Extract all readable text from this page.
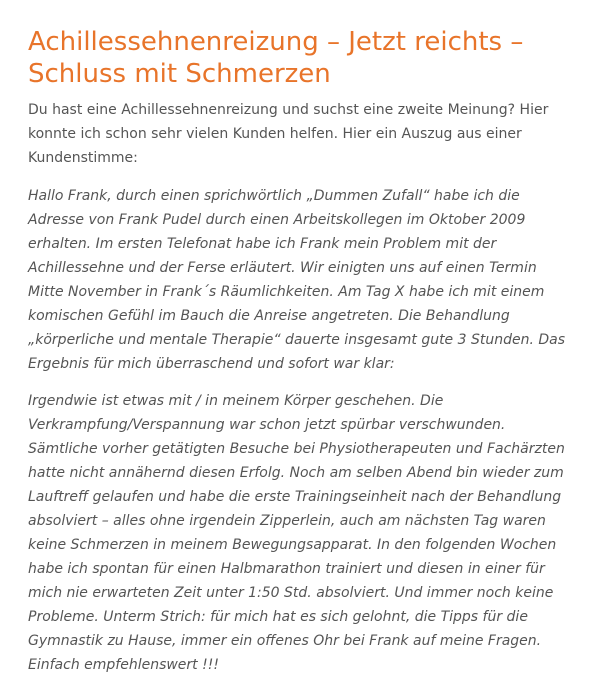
Achillessehnenreizung – Jetzt reichts – Schluss mit Schmerzen

Du hast eine Achillessehnenreizung und suchst eine zweite Meinung? Hier konnte ich schon sehr vielen Kunden helfen. Hier ein Auszug aus einer Kundenstimme:

Hallo Frank, durch einen sprichwörtlich „Dummen Zufall“ habe ich die Adresse von Frank Pudel durch einen Arbeitskollegen im Oktober 2009 erhalten. Im ersten Telefonat habe ich Frank mein Problem mit der Achillessehne und der Ferse erläutert. Wir einigten uns auf einen Termin Mitte November in Frank´s Räumlichkeiten. Am Tag X habe ich mit einem komischen Gefühl im Bauch die Anreise angetreten. Die Behandlung „körperliche und mentale Therapie“ dauerte insgesamt gute 3 Stunden. Das Ergebnis für mich überraschend und sofort war klar:

Irgendwie ist etwas mit / in meinem Körper geschehen. Die Verkrampfung/Verspannung war schon jetzt spürbar verschwunden. Sämtliche vorher getätigten Besuche bei Physiotherapeuten und Fachärzten hatte nicht annähernd diesen Erfolg. Noch am selben Abend bin wieder zum Lauftreff gelaufen und habe die erste Trainingseinheit nach der Behandlung absolviert – alles ohne irgendein Zipperlein, auch am nächsten Tag waren keine Schmerzen in meinem Bewegungsapparat. In den folgenden Wochen habe ich spontan für einen Halbmarathon trainiert und diesen in einer für mich nie erwarteten Zeit unter 1:50 Std. absolviert. Und immer noch keine Probleme. Unterm Strich: für mich hat es sich gelohnt, die Tipps für die Gymnastik zu Hause, immer ein offenes Ohr bei Frank auf meine Fragen. Einfach empfehlenswert !!!
